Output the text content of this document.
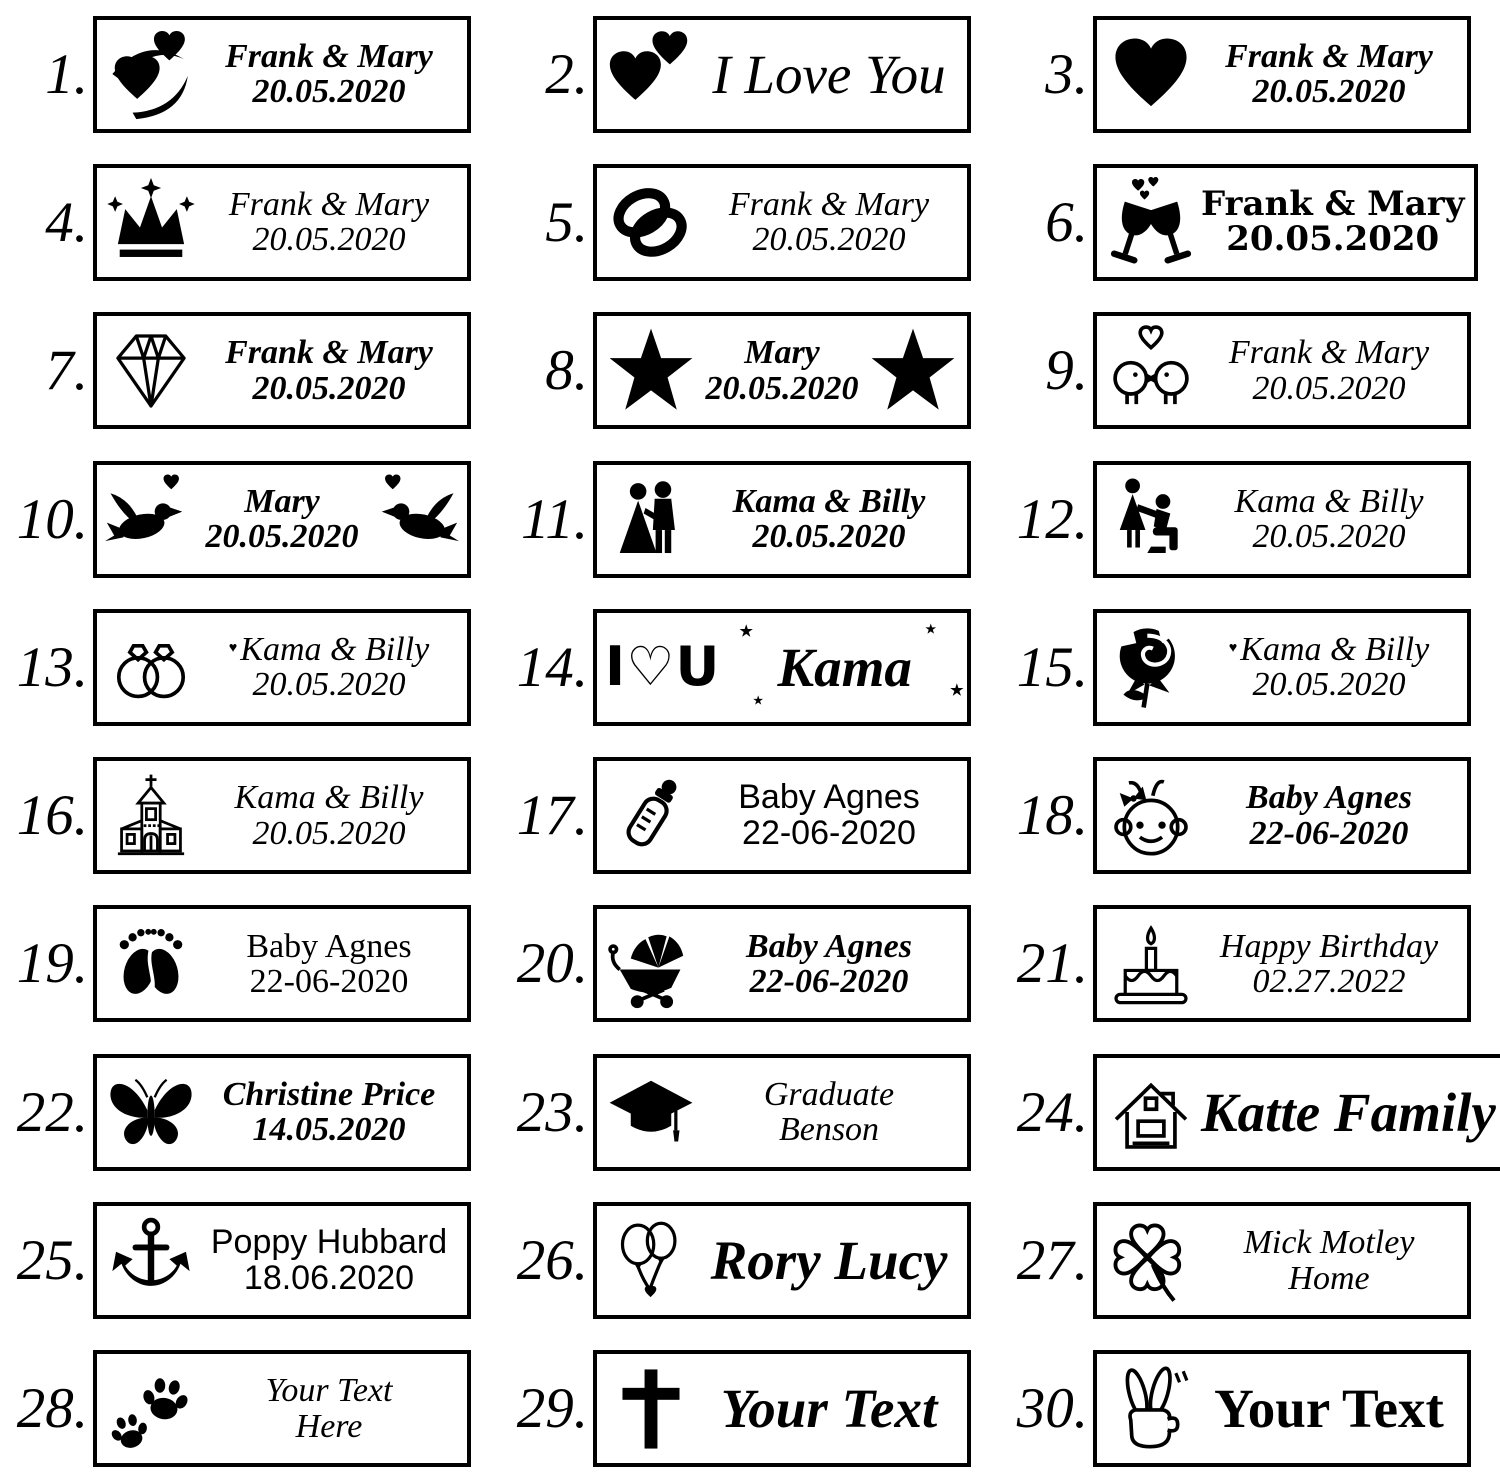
1.	Frank & Mary
20.05.2020	2. I Love You	3.	Frank & Mary
20.05.2020
4.	Frank & Mary
20.05.2020	5.	Frank & Mary
20.05.2020	6.	Frank & Mary
20.05.2020
7.	Frank & Mary
20.05.2020	8.	Mary
20.05.2020	9.	Frank & Mary
20.05.2020
10.	Mary
20.05.2020	11.	Kama & Billy
20.05.2020	12.	Kama & Billy
20.05.2020
13.	♥Kama & Billy
20.05.2020	14. I♡U	Kama
★	★
★
★
15.	♥Kama & Billy
20.05.2020
16.	Kama & Billy
20.05.2020	17.	Baby Agnes
22-06-2020	18.	Baby Agnes
22-06-2020
19.	Baby Agnes
22-06-2020	20.	Baby Agnes
22-06-2020	21.	Happy Birthday
02.27.2022
22.	Christine Price
14.05.2020	23.	Graduate
Benson	24. Katte Family
25.	Poppy Hubbard
18.06.2020	26. Rory Lucy 27.	Mick Motley
Home
28.	Your Text
Here	29.	Your Text	30. Your Text
